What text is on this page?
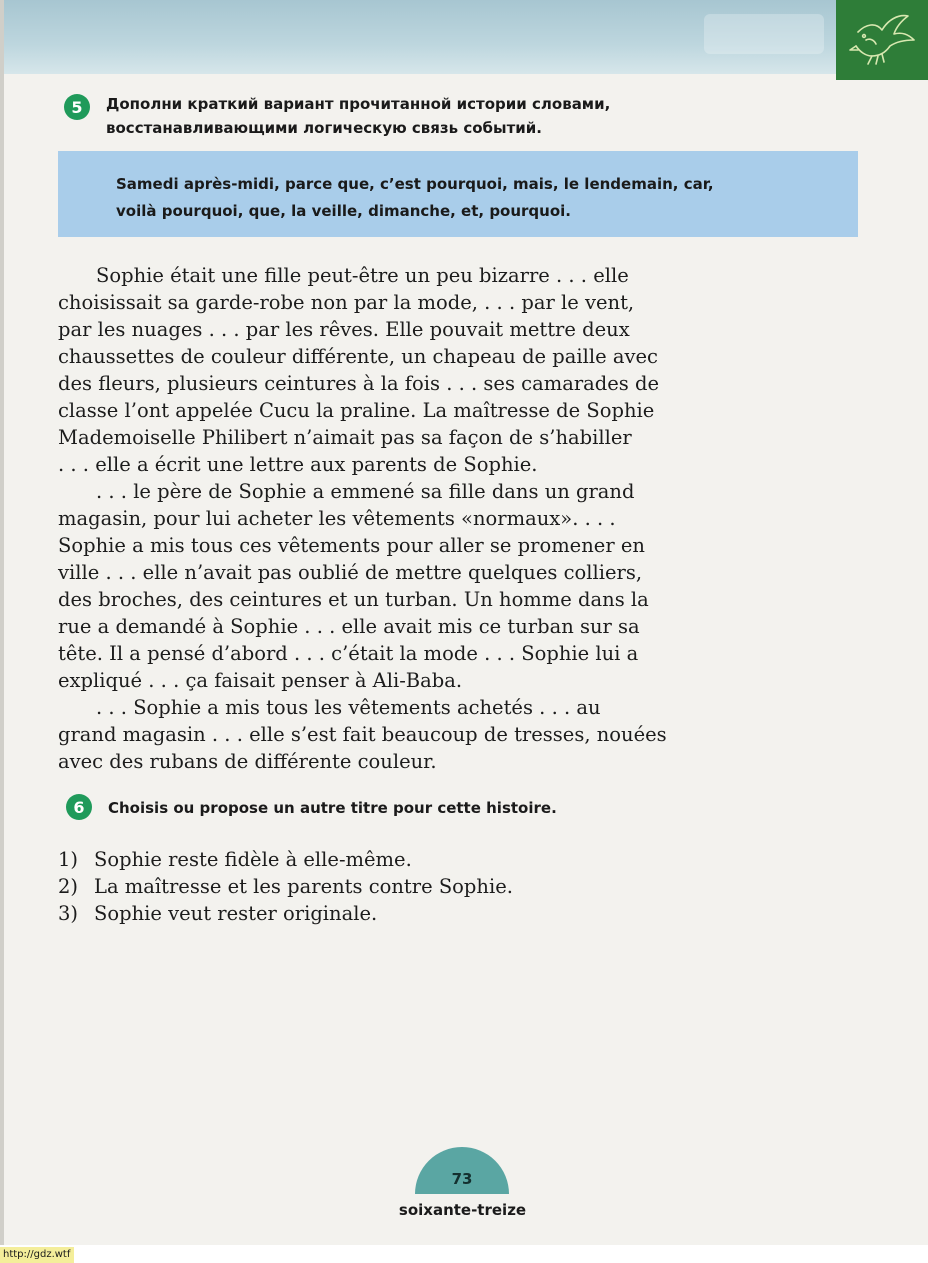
5	Дополни краткий вариант прочитанной истории словами,
восстанавливающими логическую связь событий.
Samedi après-midi, parce que, c’est pourquoi, mais, le lendemain, car,
voilà pourquoi, que, la veille, dimanche, et, pourquoi.

Sophie était une fille peut-être un peu bizarre . . . elle
choisissait sa garde-robe non par la mode, . . . par le vent,
par les nuages . . . par les rêves. Elle pouvait mettre deux
chaussettes de couleur différente, un chapeau de paille avec
des fleurs, plusieurs ceintures à la fois . . . ses camarades de
classe l’ont appelée Cucu la praline. La maîtresse de Sophie
Mademoiselle Philibert n’aimait pas sa façon de s’habiller
. . . elle a écrit une lettre aux parents de Sophie.

. . . le père de Sophie a emmené sa fille dans un grand
magasin, pour lui acheter les vêtements «normaux». . . .
Sophie a mis tous ces vêtements pour aller se promener en
ville . . . elle n’avait pas oublié de mettre quelques colliers,
des broches, des ceintures et un turban. Un homme dans la
rue a demandé à Sophie . . . elle avait mis ce turban sur sa
tête. Il a pensé d’abord . . . c’était la mode . . . Sophie lui a
expliqué . . . ça faisait penser à Ali-Baba.

. . . Sophie a mis tous les vêtements achetés . . . au
grand magasin . . . elle s’est fait beaucoup de tresses, nouées
avec des rubans de différente couleur.

6	Choisis ou propose un autre titre pour cette histoire.
1) Sophie reste fidèle à elle-même.
2) La maîtresse et les parents contre Sophie.
3) Sophie veut rester originale.
73
soixante-treize
http://gdz.wtf
